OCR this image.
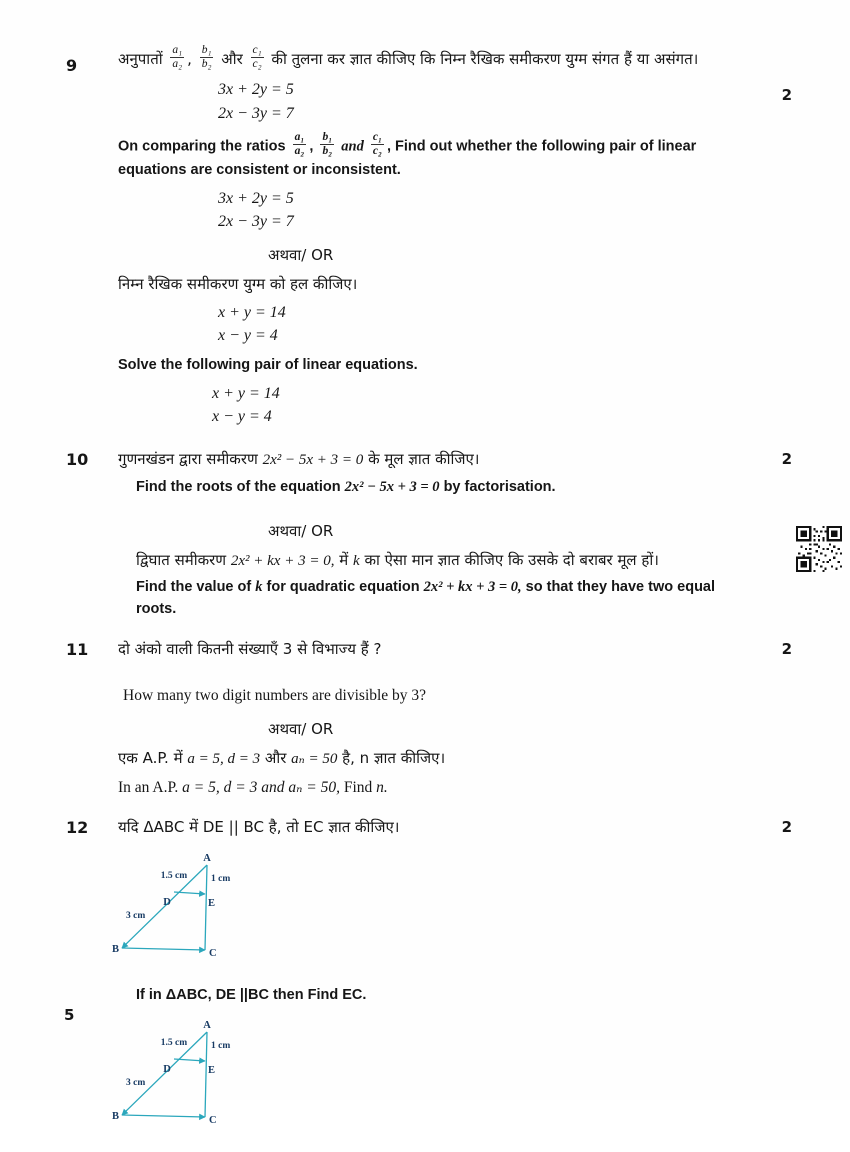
9
2

अनुपातों $\frac{\text{a₁}}{\text{a₂}}$ , $\frac{\text{b₁}}{\text{b₂}}$ और $\frac{\text{c₁}}{\text{c₂}}$ की तुलना कर ज्ञात कीजिए कि निम्न रैखिक समीकरण युग्म संगत हैं या असंगत।

3x + 2y = 5
2x − 3y = 7

On comparing the ratios $\frac{\text{a₁}}{\text{a₂}}$ , $\frac{\text{b₁}}{\text{b₂}}$ and $\frac{\text{c₁}}{\text{c₂}}$ , Find out whether the following pair of linear equations are consistent or inconsistent.

3x + 2y = 5
2x − 3y = 7
अथवा/ OR

निम्न रैखिक समीकरण युग्म को हल कीजिए।

x + y = 14
x − y = 4

Solve the following pair of linear equations.

x + y = 14
x − y = 4
10	2

गुणनखंडन द्वारा समीकरण 2x² − 5x + 3 = 0 के मूल ज्ञात कीजिए।

Find the roots of the equation 2x² − 5x + 3 = 0 by factorisation.

अथवा/ OR

द्विघात समीकरण 2x² + kx + 3 = 0, में k का ऐसा मान ज्ञात कीजिए कि उसके दो बराबर मूल हों।

Find the value of k for quadratic equation 2x² + kx + 3 = 0, so that they have two equal roots.

11	2

दो अंको वाली कितनी संख्याएँ 3 से विभाज्य हैं ?

How many two digit numbers are divisible by 3?

अथवा/ OR

एक A.P. में a = 5, d = 3 और aₙ = 50 है, n ज्ञात कीजिए।

In an A.P. a = 5, d = 3 and aₙ = 50, Find n.

12	2

यदि ΔABC में DE || BC है, तो EC ज्ञात कीजिए।

A
B	C
D	E
1.5 cm	1 cm
3 cm

If in ΔABC, DE ||BC then Find EC.

A
B	C
D	E
1.5 cm	1 cm
3 cm
5
